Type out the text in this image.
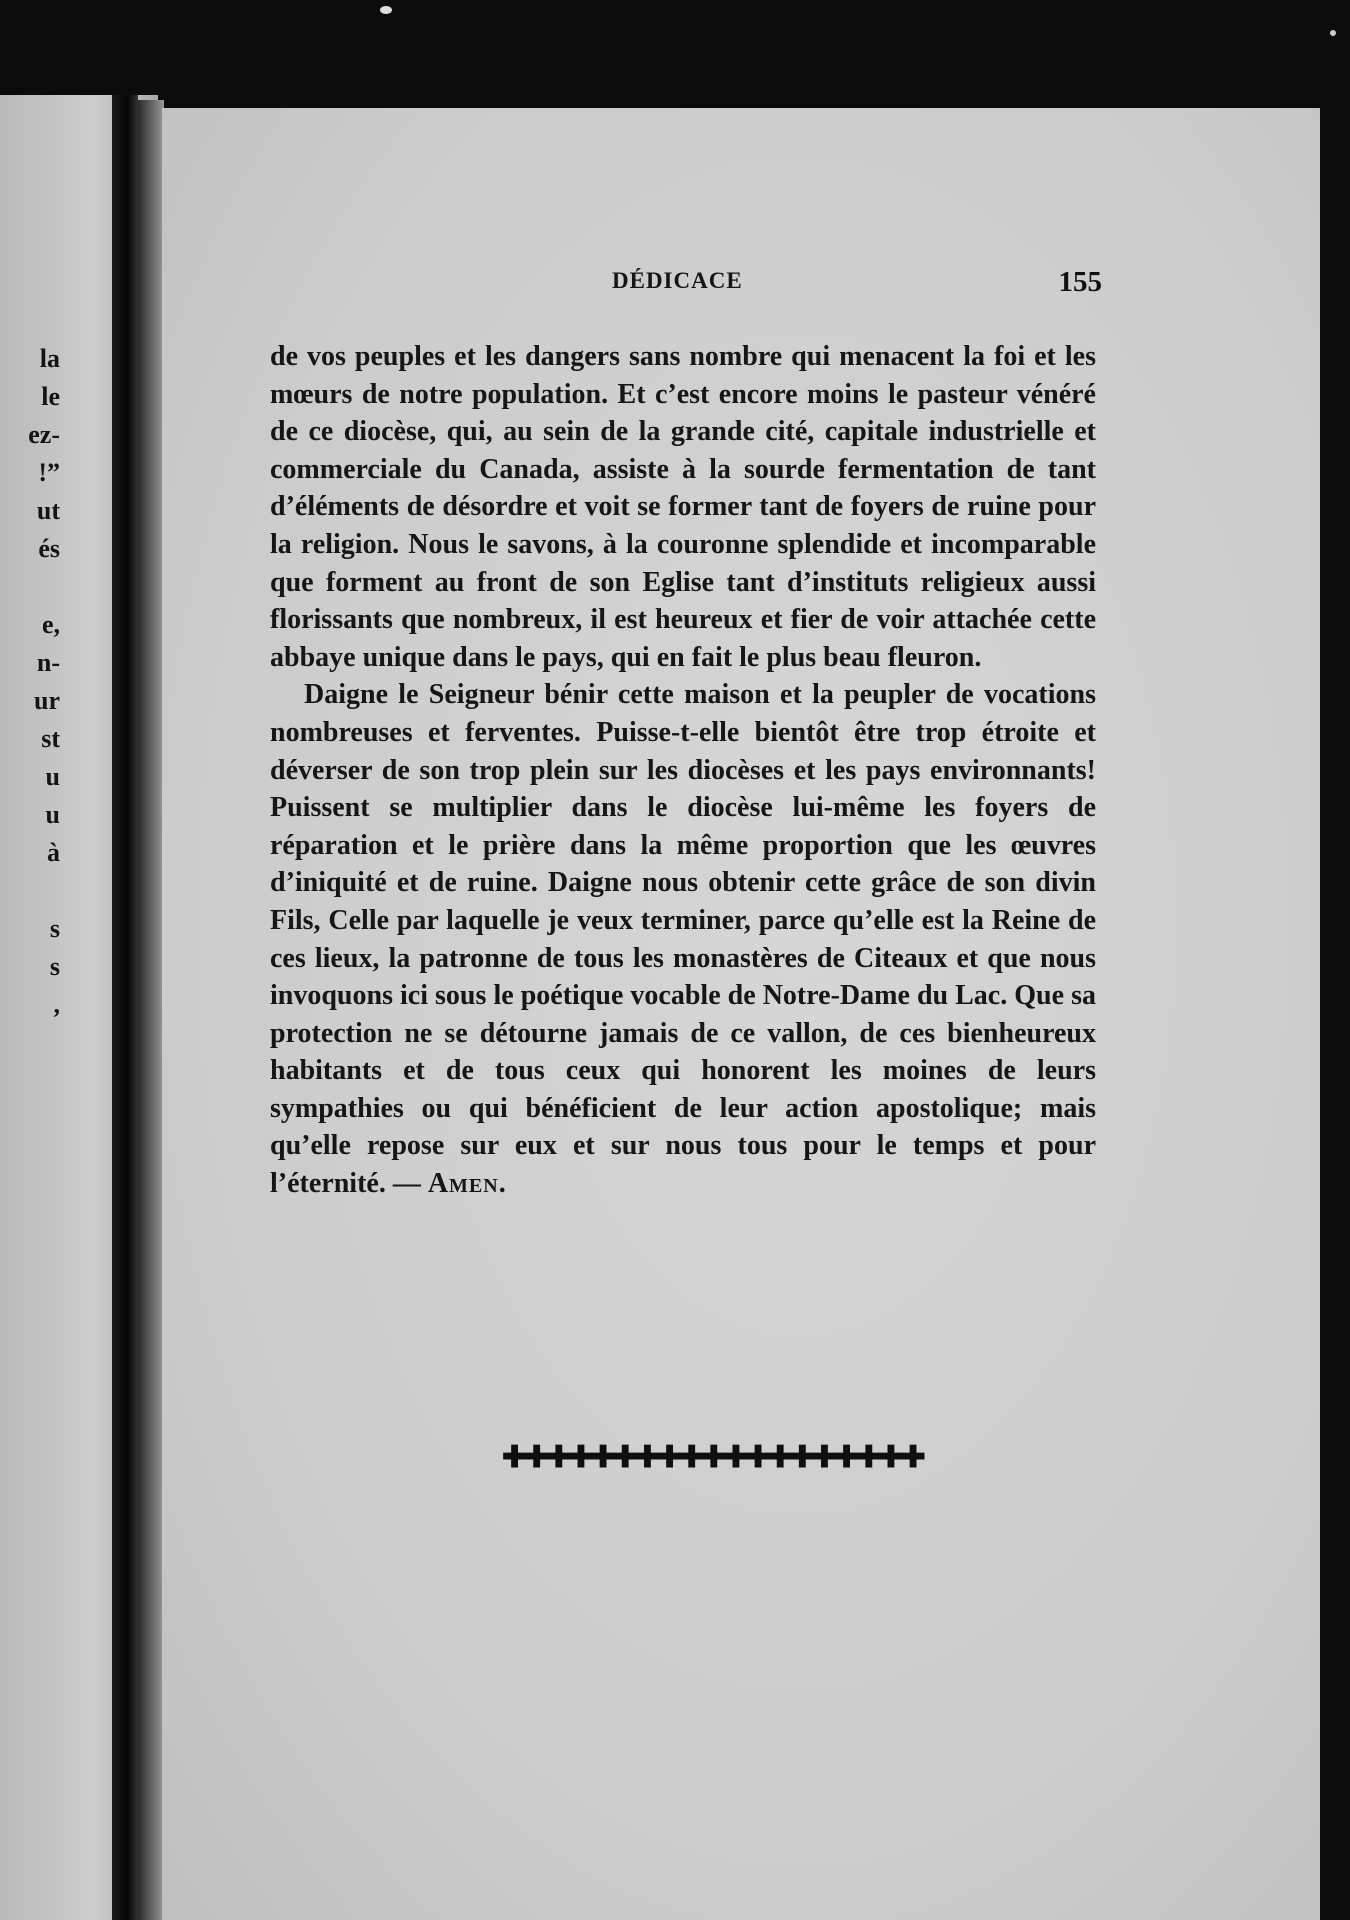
la
le
ez-
!”
ut
és

e,
n-
ur
st
u
u
à

s
s
,
DÉDICACE	155

de vos peuples et les dangers sans nombre qui menacent la foi et les mœurs de notre population. Et c’est encore moins le pasteur vénéré de ce diocèse, qui, au sein de la grande cité, capitale industrielle et commerciale du Canada, assiste à la sourde fermentation de tant d’éléments de désordre et voit se former tant de foyers de ruine pour la religion. Nous le savons, à la couronne splendide et incomparable que forment au front de son Eglise tant d’instituts religieux aussi florissants que nombreux, il est heureux et fier de voir attachée cette abbaye unique dans le pays, qui en fait le plus beau fleuron.

Daigne le Seigneur bénir cette maison et la peupler de vocations nombreuses et ferventes. Puisse-t-elle bientôt être trop étroite et déverser de son trop plein sur les diocèses et les pays environnants! Puissent se multiplier dans le diocèse lui-même les foyers de réparation et le prière dans la même proportion que les œuvres d’iniquité et de ruine. Daigne nous obtenir cette grâce de son divin Fils, Celle par laquelle je veux terminer, parce qu’elle est la Reine de ces lieux, la patronne de tous les monastères de Citeaux et que nous invoquons ici sous le poétique vocable de Notre-Dame du Lac. Que sa protection ne se détourne jamais de ce vallon, de ces bienheureux habitants et de tous ceux qui honorent les moines de leurs sympathies ou qui bénéficient de leur action apostolique; mais qu’elle repose sur eux et sur nous tous pour le temps et pour l’éternité. — Amen.

✚✚✚✚✚✚✚✚✚✚✚✚✚✚✚✚✚✚✚
